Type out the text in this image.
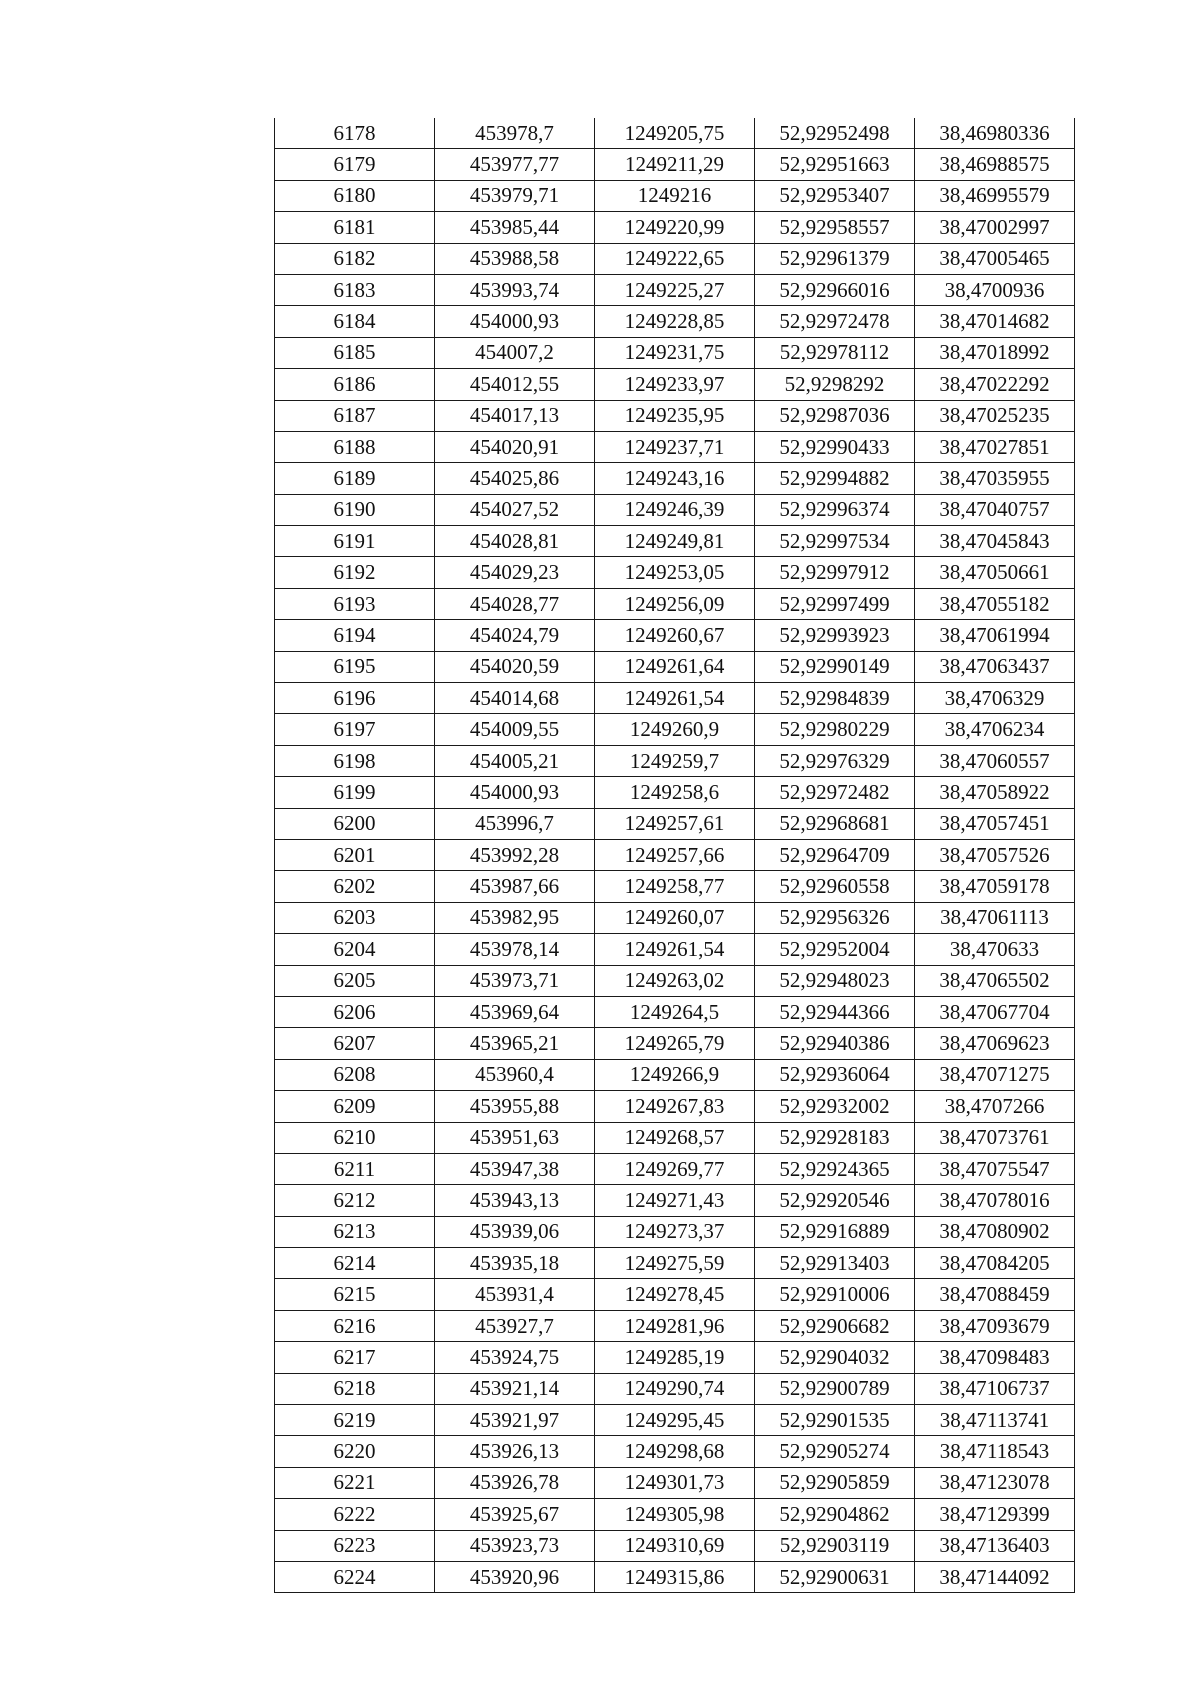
6178	453978,7	1249205,75	52,92952498	38,46980336
6179	453977,77	1249211,29	52,92951663	38,46988575
6180	453979,71	1249216	52,92953407	38,46995579
6181	453985,44	1249220,99	52,92958557	38,47002997
6182	453988,58	1249222,65	52,92961379	38,47005465
6183	453993,74	1249225,27	52,92966016	38,4700936
6184	454000,93	1249228,85	52,92972478	38,47014682
6185	454007,2	1249231,75	52,92978112	38,47018992
6186	454012,55	1249233,97	52,9298292	38,47022292
6187	454017,13	1249235,95	52,92987036	38,47025235
6188	454020,91	1249237,71	52,92990433	38,47027851
6189	454025,86	1249243,16	52,92994882	38,47035955
6190	454027,52	1249246,39	52,92996374	38,47040757
6191	454028,81	1249249,81	52,92997534	38,47045843
6192	454029,23	1249253,05	52,92997912	38,47050661
6193	454028,77	1249256,09	52,92997499	38,47055182
6194	454024,79	1249260,67	52,92993923	38,47061994
6195	454020,59	1249261,64	52,92990149	38,47063437
6196	454014,68	1249261,54	52,92984839	38,4706329
6197	454009,55	1249260,9	52,92980229	38,4706234
6198	454005,21	1249259,7	52,92976329	38,47060557
6199	454000,93	1249258,6	52,92972482	38,47058922
6200	453996,7	1249257,61	52,92968681	38,47057451
6201	453992,28	1249257,66	52,92964709	38,47057526
6202	453987,66	1249258,77	52,92960558	38,47059178
6203	453982,95	1249260,07	52,92956326	38,47061113
6204	453978,14	1249261,54	52,92952004	38,470633
6205	453973,71	1249263,02	52,92948023	38,47065502
6206	453969,64	1249264,5	52,92944366	38,47067704
6207	453965,21	1249265,79	52,92940386	38,47069623
6208	453960,4	1249266,9	52,92936064	38,47071275
6209	453955,88	1249267,83	52,92932002	38,4707266
6210	453951,63	1249268,57	52,92928183	38,47073761
6211	453947,38	1249269,77	52,92924365	38,47075547
6212	453943,13	1249271,43	52,92920546	38,47078016
6213	453939,06	1249273,37	52,92916889	38,47080902
6214	453935,18	1249275,59	52,92913403	38,47084205
6215	453931,4	1249278,45	52,92910006	38,47088459
6216	453927,7	1249281,96	52,92906682	38,47093679
6217	453924,75	1249285,19	52,92904032	38,47098483
6218	453921,14	1249290,74	52,92900789	38,47106737
6219	453921,97	1249295,45	52,92901535	38,47113741
6220	453926,13	1249298,68	52,92905274	38,47118543
6221	453926,78	1249301,73	52,92905859	38,47123078
6222	453925,67	1249305,98	52,92904862	38,47129399
6223	453923,73	1249310,69	52,92903119	38,47136403
6224	453920,96	1249315,86	52,92900631	38,47144092
